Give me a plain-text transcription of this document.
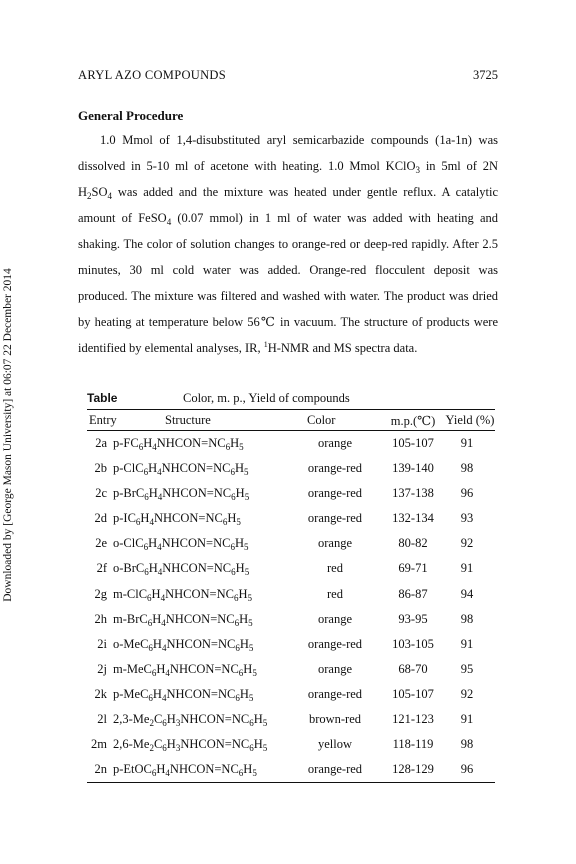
ARYL AZO COMPOUNDS	3725
Downloaded by [George Mason University] at 06:07 22 December 2014
General Procedure
1.0 Mmol of 1,4-disubstituted aryl semicarbazide compounds (1a-1n) was
dissolved in 5-10 ml of acetone with heating. 1.0 Mmol KClO$_3$ in 5ml of 2N
$H_2SO_4$ was added and the mixture was heated under gentle reflux. A catalytic
amount of FeSO$_4$ (0.07 mmol) in 1 ml of water was added with heating and
shaking. The color of solution changes to orange-red or deep-red rapidly. After 2.5
minutes, 30 ml cold water was added. Orange-red flocculent deposit was
produced. The mixture was filtered and washed with water. The product was dried
by heating at temperature below 56℃ in vacuum. The structure of products were
identified by elemental analyses, IR, $^1$H-NMR and MS spectra data.
Table	Color, m. p., Yield of compounds
Entry	Structure	Color	m.p.(℃) Yield (%)
2a $p-FC_6H_4NHCON=NC_6H_5$	orange	105-107	91
2b $p-ClC_6H_4NHCON=NC_6H_5$	orange-red	139-140	98
2c $p-BrC_6H_4NHCON=NC_6H_5$	orange-red	137-138	96
2d $p-IC_6H_4NHCON=NC_6H_5$	orange-red	132-134	93
2e $o-ClC_6H_4NHCON=NC_6H_5$	orange	80-82	92
2f $o-BrC_6H_4NHCON=NC_6H_5$	red	69-71	91
2g $m-ClC_6H_4NHCON=NC_6H_5$	red	86-87	94
2h $m-BrC_6H_4NHCON=NC_6H_5$	orange	93-95	98
2i $o-MeC_6H_4NHCON=NC_6H_5$	orange-red	103-105	91
2j $m-MeC_6H_4NHCON=NC_6H_5$	orange	68-70	95
2k $p-MeC_6H_4NHCON=NC_6H_5$	orange-red	105-107	92
2l $2,3-Me_2C_6H_3NHCON=NC_6H_5$	brown-red	121-123	91
2m $2,6-Me_2C_6H_3NHCON=NC_6H_5$	yellow	118-119	98
2n $p-EtOC_6H_4NHCON=NC_6H_5$	orange-red	128-129	96
